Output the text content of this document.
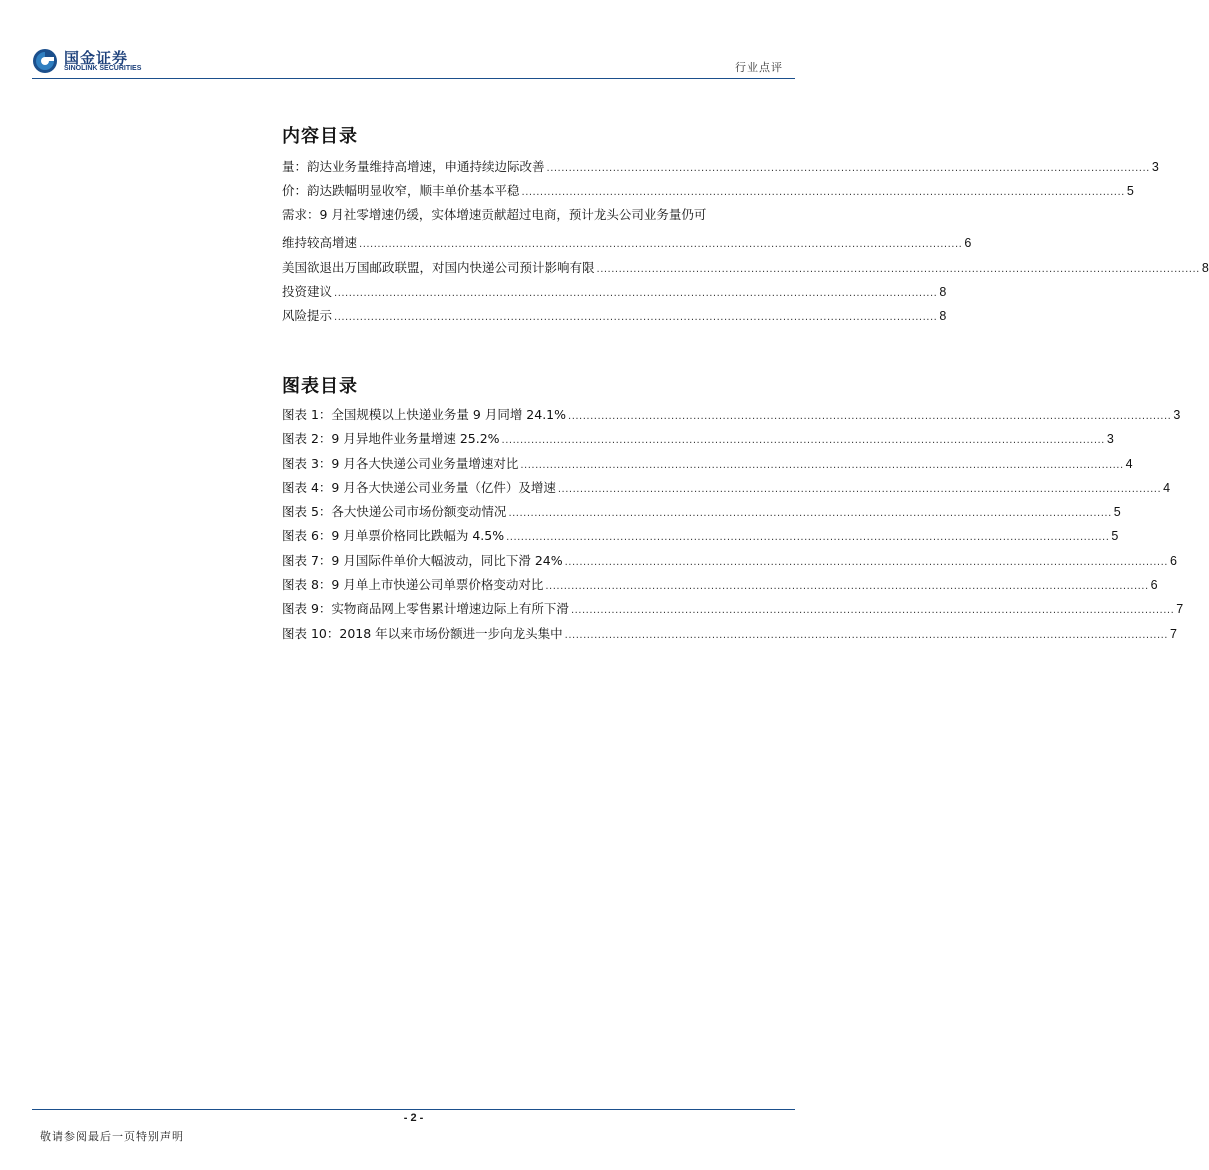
国金证券
SINOLINK SECURITIES	行业点评
内容目录
量：韵达业务量维持高增速，申通持续边际改善 .................................................................................................................................................................... 3
价：韵达跌幅明显收窄，顺丰单价基本平稳 .................................................................................................................................................................... 5
需求：9 月社零增速仍缓，实体增速贡献超过电商，预计龙头公司业务量仍可
维持较高增速 .................................................................................................................................................................... 6
美国欲退出万国邮政联盟，对国内快递公司预计影响有限 .................................................................................................................................................................... 8
投资建议 .................................................................................................................................................................... 8
风险提示 .................................................................................................................................................................... 8
图表目录
图表 1：全国规模以上快递业务量 9 月同增 24.1% .................................................................................................................................................................... 3
图表 2：9 月异地件业务量增速 25.2% .................................................................................................................................................................... 3
图表 3：9 月各大快递公司业务量增速对比 .................................................................................................................................................................... 4
图表 4：9 月各大快递公司业务量（亿件）及增速 .................................................................................................................................................................... 4
图表 5：各大快递公司市场份额变动情况 .................................................................................................................................................................... 5
图表 6：9 月单票价格同比跌幅为 4.5% .................................................................................................................................................................... 5
图表 7：9 月国际件单价大幅波动，同比下滑 24% .................................................................................................................................................................... 6
图表 8：9 月单上市快递公司单票价格变动对比 .................................................................................................................................................................... 6
图表 9：实物商品网上零售累计增速边际上有所下滑 .................................................................................................................................................................... 7
图表 10：2018 年以来市场份额进一步向龙头集中 .................................................................................................................................................................... 7
- 2 -
敬请参阅最后一页特别声明
